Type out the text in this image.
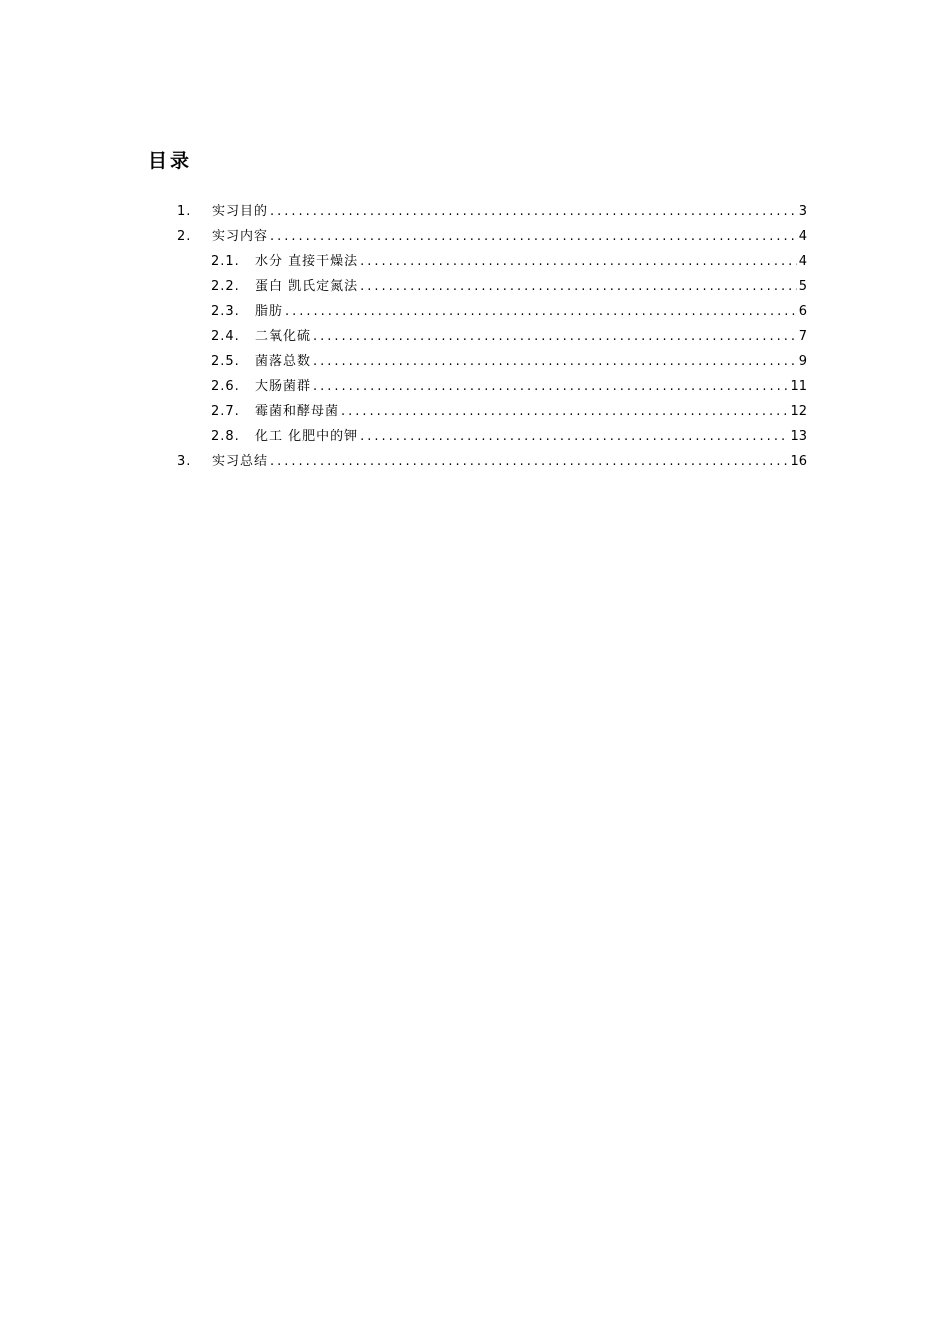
目录
1.	实习目的 .....	3
2.	实习内容 .....	4
2.1.	水分 直接干燥法 .....	4
2.2.	蛋白 凯氏定氮法 .....	5
2.3.	脂肪 .....	6
2.4.	二氧化硫 .....	7
2.5.	菌落总数 .....	9
2.6.	大肠菌群 .....	11
2.7.	霉菌和酵母菌 .....	12
2.8.	化工 化肥中的钾 .....	13
3.	实习总结 .....	16
